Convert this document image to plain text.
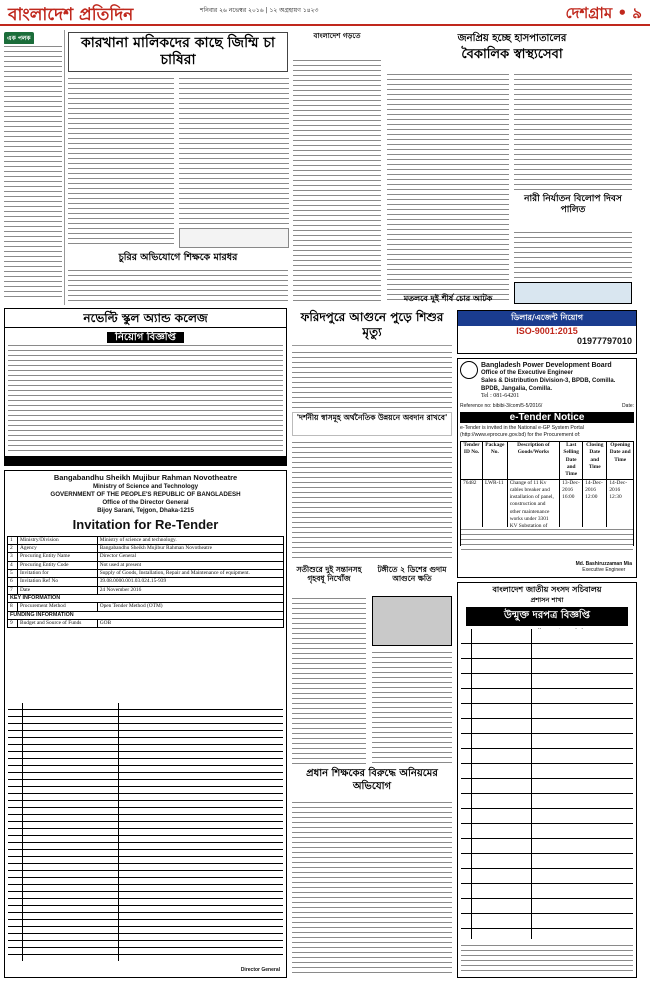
বাংলাদেশ প্রতিদিন	শনিবার ২৬ নভেম্বর ২০১৬ | ১২ অগ্রহায়ণ ১৪২৩	দেশগ্রাম • ৯
এক পলক	কারখানা মালিকদের কাছে জিম্মি চা চাষিরা
চুরির অভিযোগে শিক্ষকে মারধর
বাংলাদেশ গড়তে	জনপ্রিয় হচ্ছে হাসপাতালের
বৈকালিক স্বাস্থ্যসেবা
নারী নির্যাতন বিলোপ দিবস পালিত
মতলবে দুই শীর্ষ চোর আটক
নভেল্টি স্কুল অ্যান্ড কলেজ
নিয়োগ বিজ্ঞপ্তি
ফরিদপুরে আগুনে পুড়ে শিশুর মৃত্যু
'দর্শনীয় স্বাসমূহ অর্থনৈতিক উন্নয়নে অবদান রাখবে'
ডিলার/এজেন্ট নিয়োগ
ISO-9001:2015
01977797010
Bangladesh Power Development Board
Office of the Executive Engineer
Sales & Distribution Division-3, BPDB, Comilla.
BPDB, Jangalia, Comilla.
Tel : 081-64201
Reference no: bibibi-3/com/5-5/2016/	Date:
e-Tender Notice
e-Tender is invited in the National e-GP System Portal (http://www.eprocure.gov.bd) for the Procurement of:
Tender ID No.	Package No.	Description of Goods/Works	Last Selling Date and Time	Closing Date and Time	Opening Date and Time
76482	LWR-11	Change of 11 Kv cables breaker and installation of panel, construction and other maintenance works under 3301	13-Dec-2016 16:00	14-Dec-2016 12:00	14-Dec-2016 12:30
Md. Bashiruzzaman Mia
Executive Engineer
Bangabandhu Sheikh Mujibur Rahman Novotheatre
Ministry of Science and Technology
GOVERNMENT OF THE PEOPLE'S REPUBLIC OF BANGLADESH
Office of the Director General
Bijoy Sarani, Tejgon, Dhaka-1215
Invitation for Re-Tender
1	Ministry/Division	Ministry of science and technology.
2	Agency	Bangabandhu Sheikh Mujibur Rahman Novotheatre
3	Procuring Entity Name	Director General
4	Procuring Entity Code	Not used at present
5	Invitation for	Supply of Goods, Installation, Repair and Maintenance of equipment.
6	Invitation Ref No	39.08.0000.001.03.024.15-939
7	Date	24 November 2016
KEY INFORMATION		
8	Procurement Method	Open Tender Method (OTM)
FUNDING INFORMATION		
9	Budget and Source of Funds	GOB
Director General
সতীশুরে দুই সন্তানসহ গৃহবধূ নিখোঁজ
টঙ্গীতে ২ ডিশের গুদাম আগুনে ক্ষতি
প্রধান শিক্ষকের বিরুদ্ধে অনিয়মের অভিযোগ
বাংলাদেশ জাতীয় সংসদ সচিবালয়
প্রশাসন শাখা
উন্মুক্ত দরপত্র বিজ্ঞপ্তি
